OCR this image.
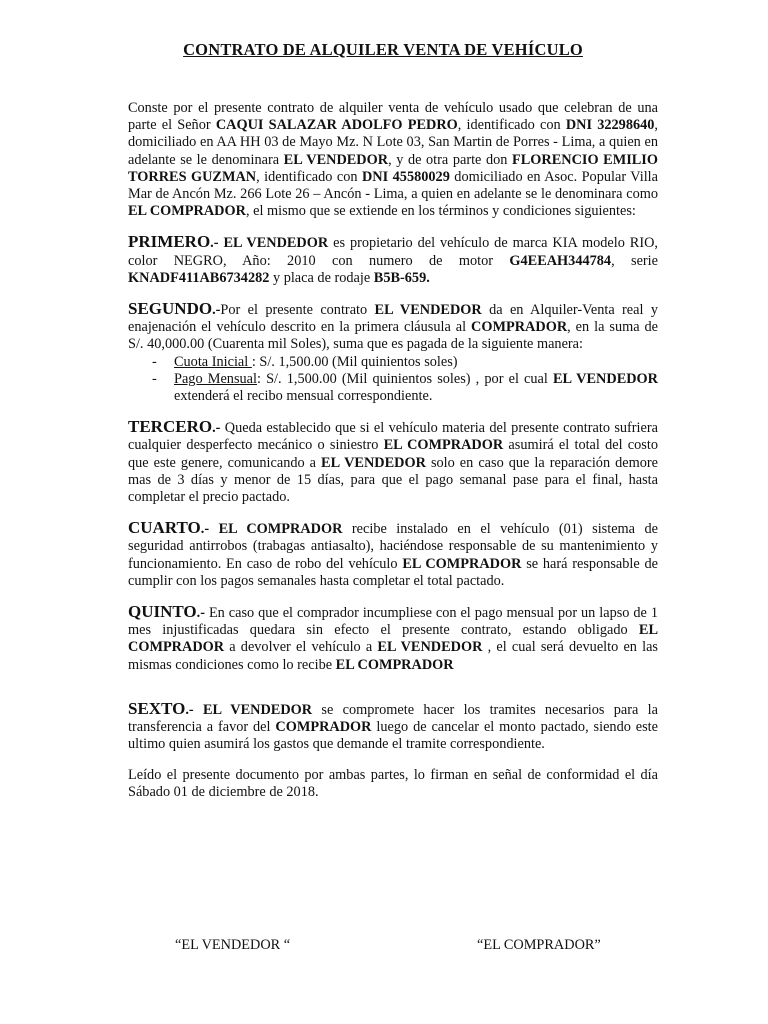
CONTRATO DE ALQUILER VENTA DE VEHÍCULO

Conste por el presente contrato de alquiler venta de vehículo usado que celebran de una parte el Señor CAQUI SALAZAR ADOLFO PEDRO, identificado con DNI 32298640, domiciliado en AA HH 03 de Mayo Mz. N Lote 03, San Martin de Porres - Lima, a quien en adelante se le denominara EL VENDEDOR, y de otra parte don FLORENCIO EMILIO TORRES GUZMAN, identificado con DNI 45580029 domiciliado en Asoc. Popular Villa Mar de Ancón Mz. 266 Lote 26 – Ancón - Lima, a quien en adelante se le denominara como EL COMPRADOR, el mismo que se extiende en los términos y condiciones siguientes:

PRIMERO.- EL VENDEDOR es propietario del vehículo de marca KIA modelo RIO, color NEGRO, Año: 2010 con numero de motor G4EEAH344784, serie KNADF411AB6734282 y placa de rodaje B5B-659.

SEGUNDO.-Por el presente contrato EL VENDEDOR da en Alquiler-Venta real y enajenación el vehículo descrito en la primera cláusula al COMPRADOR, en la suma de S/. 40,000.00 (Cuarenta mil Soles), suma que es pagada de la siguiente manera:

- Cuota Inicial : S/. 1,500.00 (Mil quinientos soles)
- Pago Mensual: S/. 1,500.00 (Mil quinientos soles) , por el cual EL VENDEDOR extenderá el recibo mensual correspondiente.

TERCERO.- Queda establecido que si el vehículo materia del presente contrato sufriera cualquier desperfecto mecánico o siniestro EL COMPRADOR asumirá el total del costo que este genere, comunicando a EL VENDEDOR solo en caso que la reparación demore mas de 3 días y menor de 15 días, para que el pago semanal pase para el final, hasta completar el precio pactado.

CUARTO.- EL COMPRADOR recibe instalado en el vehículo (01) sistema de seguridad antirrobos (trabagas antiasalto), haciéndose responsable de su mantenimiento y funcionamiento. En caso de robo del vehículo EL COMPRADOR se hará responsable de cumplir con los pagos semanales hasta completar el total pactado.

QUINTO.- En caso que el comprador incumpliese con el pago mensual por un lapso de 1 mes injustificadas quedara sin efecto el presente contrato, estando obligado EL COMPRADOR a devolver el vehículo a EL VENDEDOR , el cual será devuelto en las mismas condiciones como lo recibe EL COMPRADOR

SEXTO.- EL VENDEDOR se compromete hacer los tramites necesarios para la transferencia a favor del COMPRADOR luego de cancelar el monto pactado, siendo este ultimo quien asumirá los gastos que demande el tramite correspondiente.

Leído el presente documento por ambas partes, lo firman en señal de conformidad el día Sábado 01 de diciembre de 2018.

“EL VENDEDOR “	“EL COMPRADOR”
